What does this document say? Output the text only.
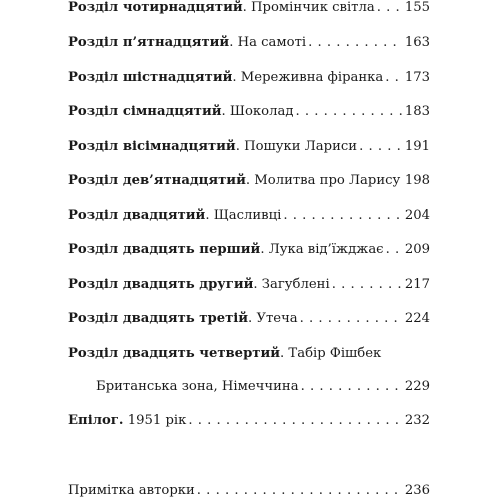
Розділ чотирнадцятий . Промінчик світла . . . 155
Розділ п’ятнадцятий . На самоті . . .	163
Розділ шістнадцятий . Мереживна фіранка . . . 173
Розділ сімнадцятий . Шоколад . . .	183
Розділ вісімнадцятий . Пошуки Лариси . . .	191
Розділ дев’ятнадцятий . Молитва про Ларису . . . 198
Розділ двадцятий . Щасливці . . .	204
Розділ двадцять перший . Лука від’їжджає . . . 209
Розділ двадцять другий . Загублені . . .	217
Розділ двадцять третій . Утеча . . .	224
Розділ двадцять четвертий . Табір Фішбек
Британська зона, Німеччина . . .	229
Епілог.
1951 рік . . .	232
Примітка авторки . . .	236
